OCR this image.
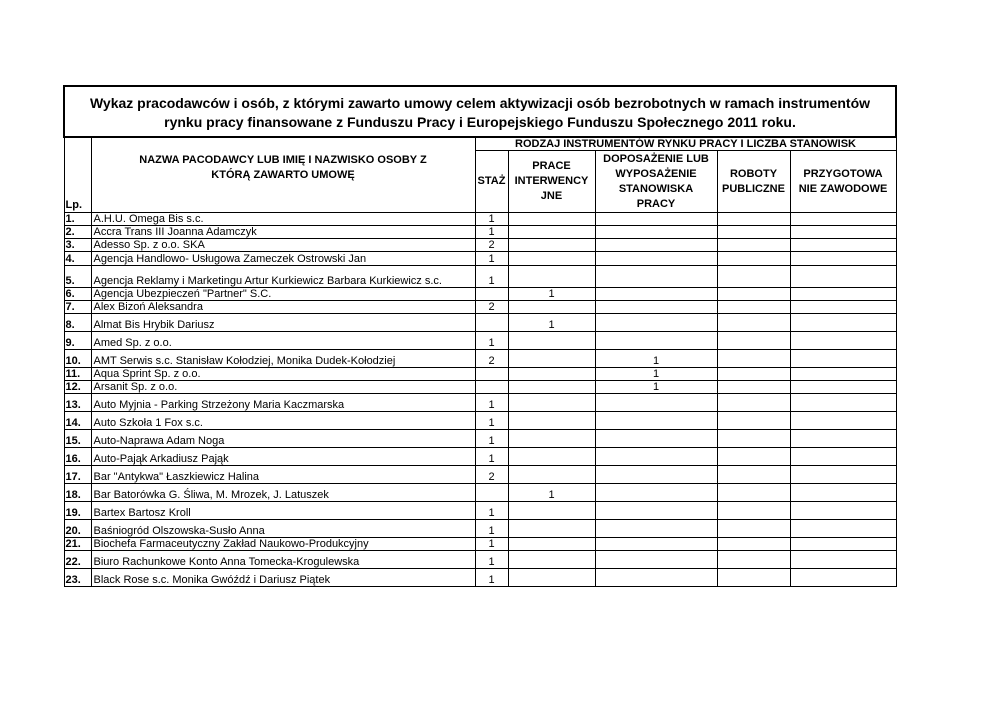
Wykaz pracodawców i osób, z którymi zawarto umowy celem aktywizacji osób bezrobotnych w ramach instrumentów rynku pracy finansowane z Funduszu Pracy i Europejskiego Funduszu Społecznego 2011 roku.						
Lp.	NAZWA PACODAWCY LUB IMIĘ I NAZWISKO OSOBY Z KTÓRĄ ZAWARTO UMOWĘ	RODZAJ INSTRUMENTÓW RYNKU PRACY I LICZBA STANOWISK				
		STAŻ	PRACE INTERWENCY JNE	DOPOSAŻENIE LUB WYPOSAŻENIE STANOWISKA PRACY	ROBOTY PUBLICZNE	PRZYGOTOWA NIE ZAWODOWE
1.	A.H.U. Omega Bis s.c.	1				
2.	Accra Trans III Joanna Adamczyk	1				
3.	Adesso Sp. z o.o. SKA	2				
4.	Agencja Handlowo- Usługowa Zameczek Ostrowski Jan	1				
5.	Agencja Reklamy i Marketingu Artur Kurkiewicz Barbara Kurkiewicz s.c.	1				
6.	Agencja Ubezpieczeń "Partner" S.C.		1			
7.	Alex Bizoń Aleksandra	2				
8.	Almat Bis Hrybik Dariusz		1			
9.	Amed Sp. z o.o.	1				
10.	AMT Serwis s.c. Stanisław Kołodziej, Monika Dudek-Kołodziej	2		1		
11.	Aqua Sprint Sp. z o.o.			1		
12.	Arsanit Sp. z o.o.			1		
13.	Auto Myjnia - Parking Strzeżony Maria Kaczmarska	1				
14.	Auto Szkoła 1 Fox s.c.	1				
15.	Auto-Naprawa Adam Noga	1				
16.	Auto-Pająk Arkadiusz Pająk	1				
17.	Bar "Antykwa" Łaszkiewicz Halina	2				
18.	Bar Batorówka G. Śliwa, M. Mrozek, J. Latuszek		1			
19.	Bartex Bartosz Kroll	1				
20.	Baśniogród Olszowska-Susło Anna	1				
21.	Biochefa Farmaceutyczny Zakład Naukowo-Produkcyjny	1				
22.	Biuro Rachunkowe Konto Anna Tomecka-Krogulewska	1				
23.	Black Rose s.c. Monika Gwóźdź i Dariusz Piątek	1				
